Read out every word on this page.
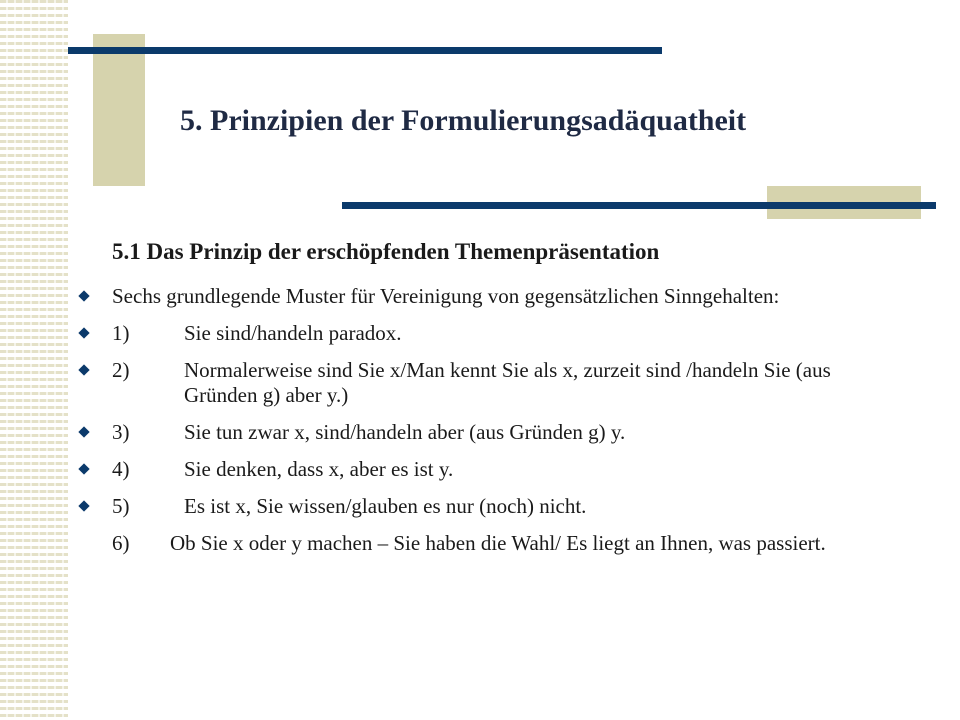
5. Prinzipien der Formulierungsadäquatheit
5.1 Das Prinzip der erschöpfenden Themenpräsentation
Sechs grundlegende Muster für Vereinigung von gegensätzlichen Sinngehalten:
1)	Sie sind/handeln paradox.
2)	Normalerweise sind Sie x/Man kennt Sie als x, zurzeit sind /handeln Sie (aus Gründen g) aber y.)
3)	Sie tun zwar x, sind/handeln aber (aus Gründen g) y.
4)	Sie denken, dass x, aber es ist y.
5)	Es ist x, Sie wissen/glauben es nur (noch) nicht.
6)	Ob Sie x oder y machen – Sie haben die Wahl/ Es liegt an Ihnen, was passiert.
